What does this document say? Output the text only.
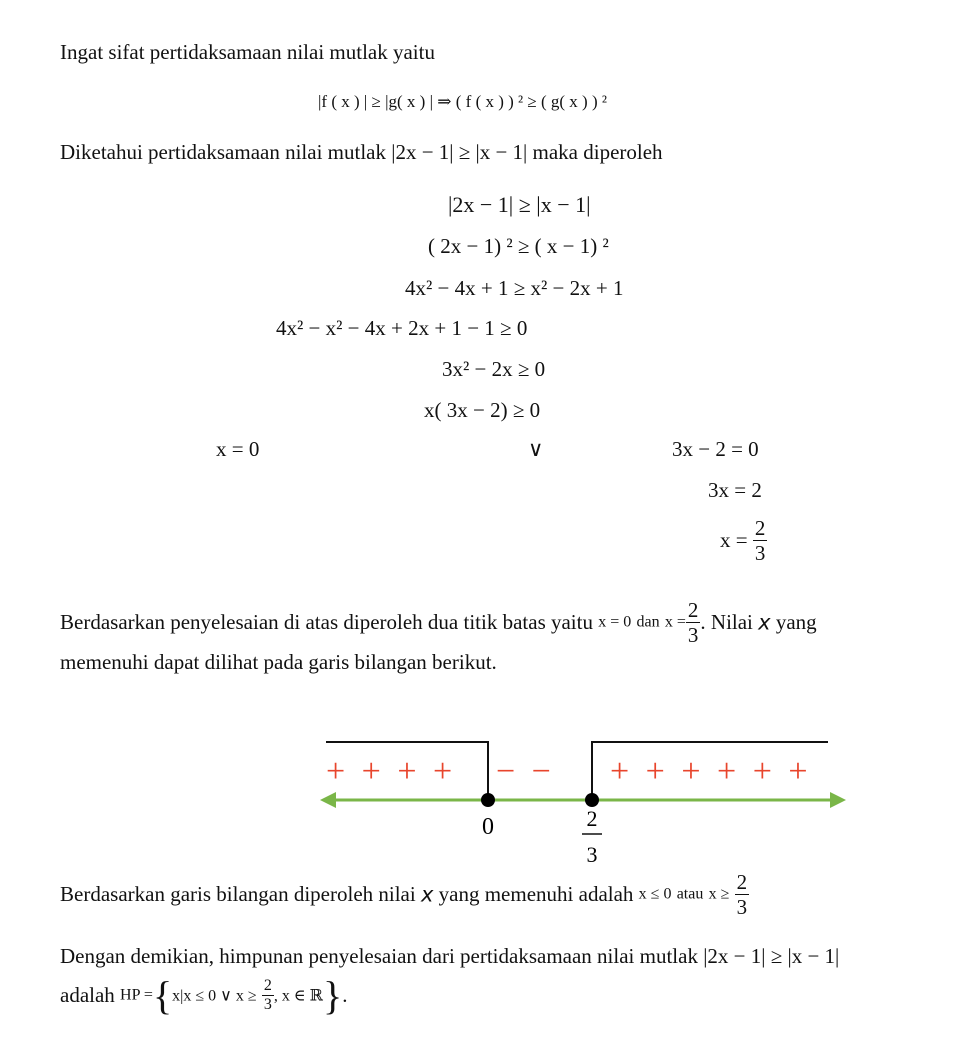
Ingat sifat pertidaksamaan nilai mutlak yaitu
|f ( x ) | ≥ |g( x ) | ⇒ ( f ( x ) ) ² ≥ ( g( x ) ) ²
Diketahui pertidaksamaan nilai mutlak |2x − 1| ≥ |x − 1| maka diperoleh
|2x − 1| ≥ |x − 1|
( 2x − 1) ² ≥ ( x − 1) ²
4x² − 4x + 1 ≥ x² − 2x + 1
4x² − x² − 4x + 2x + 1 − 1 ≥ 0
3x² − 2x ≥ 0
x( 3x − 2) ≥ 0
x = 0	∨	3x − 2 = 0
3x = 2
$x = \frac{2}{3}$
Berdasarkan penyelesaian di atas diperoleh dua titik batas yaitu x = 0 dan $x = \frac{2}{3}$ . Nilai x yang
memenuhi dapat dilihat pada garis bilangan berikut.
+ + + + − − + + + + + +
0	2
3
Berdasarkan garis bilangan diperoleh nilai x yang memenuhi adalah x ≤ 0 atau $x \ge \frac{2}{3}$
Dengan demikian, himpunan penyelesaian dari pertidaksamaan nilai mutlak |2x − 1| ≥ |x − 1|
adalah HP ={x|x ≤ 0 ∨ $x \ge \frac{2}{3}$ , x ∈ ℝ}.
